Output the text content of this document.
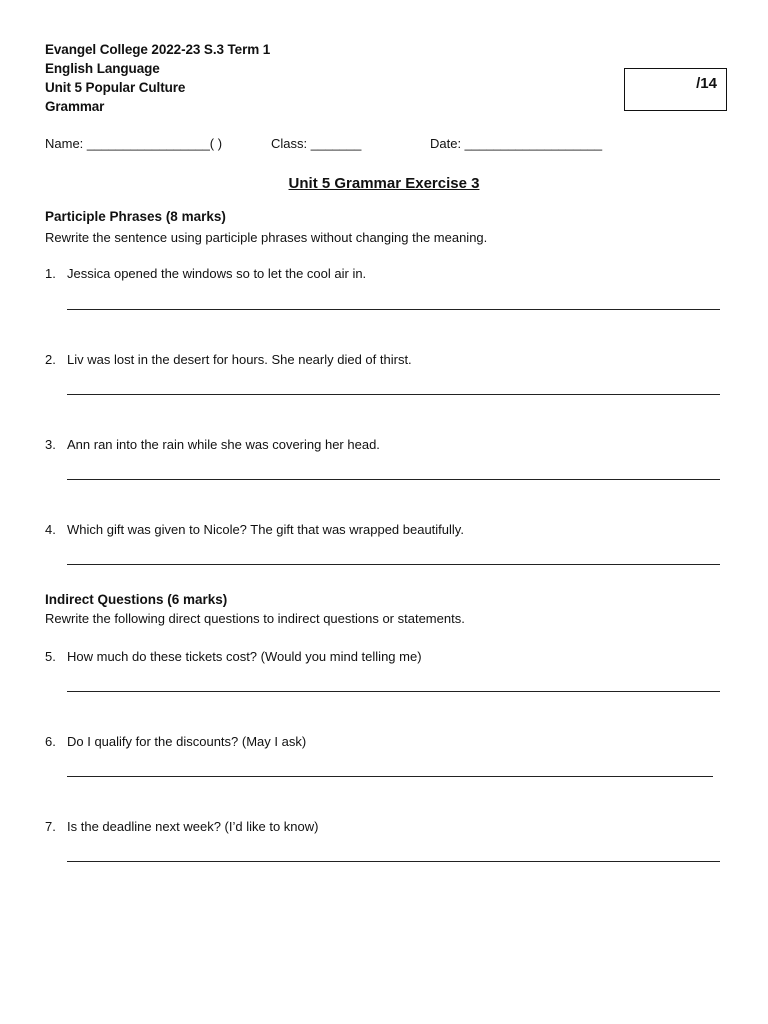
Evangel College 2022-23 S.3 Term 1
English Language
Unit 5 Popular Culture
Grammar
/14
Name: _________________( )	Class: _______	Date: ___________________
Unit 5 Grammar Exercise 3
Participle Phrases (8 marks)
Rewrite the sentence using participle phrases without changing the meaning.
1. Jessica opened the windows so to let the cool air in.
2. Liv was lost in the desert for hours. She nearly died of thirst.
3. Ann ran into the rain while she was covering her head.
4. Which gift was given to Nicole? The gift that was wrapped beautifully.
Indirect Questions (6 marks)
Rewrite the following direct questions to indirect questions or statements.
5. How much do these tickets cost? (Would you mind telling me)
6. Do I qualify for the discounts? (May I ask)
7. Is the deadline next week? (I’d like to know)
